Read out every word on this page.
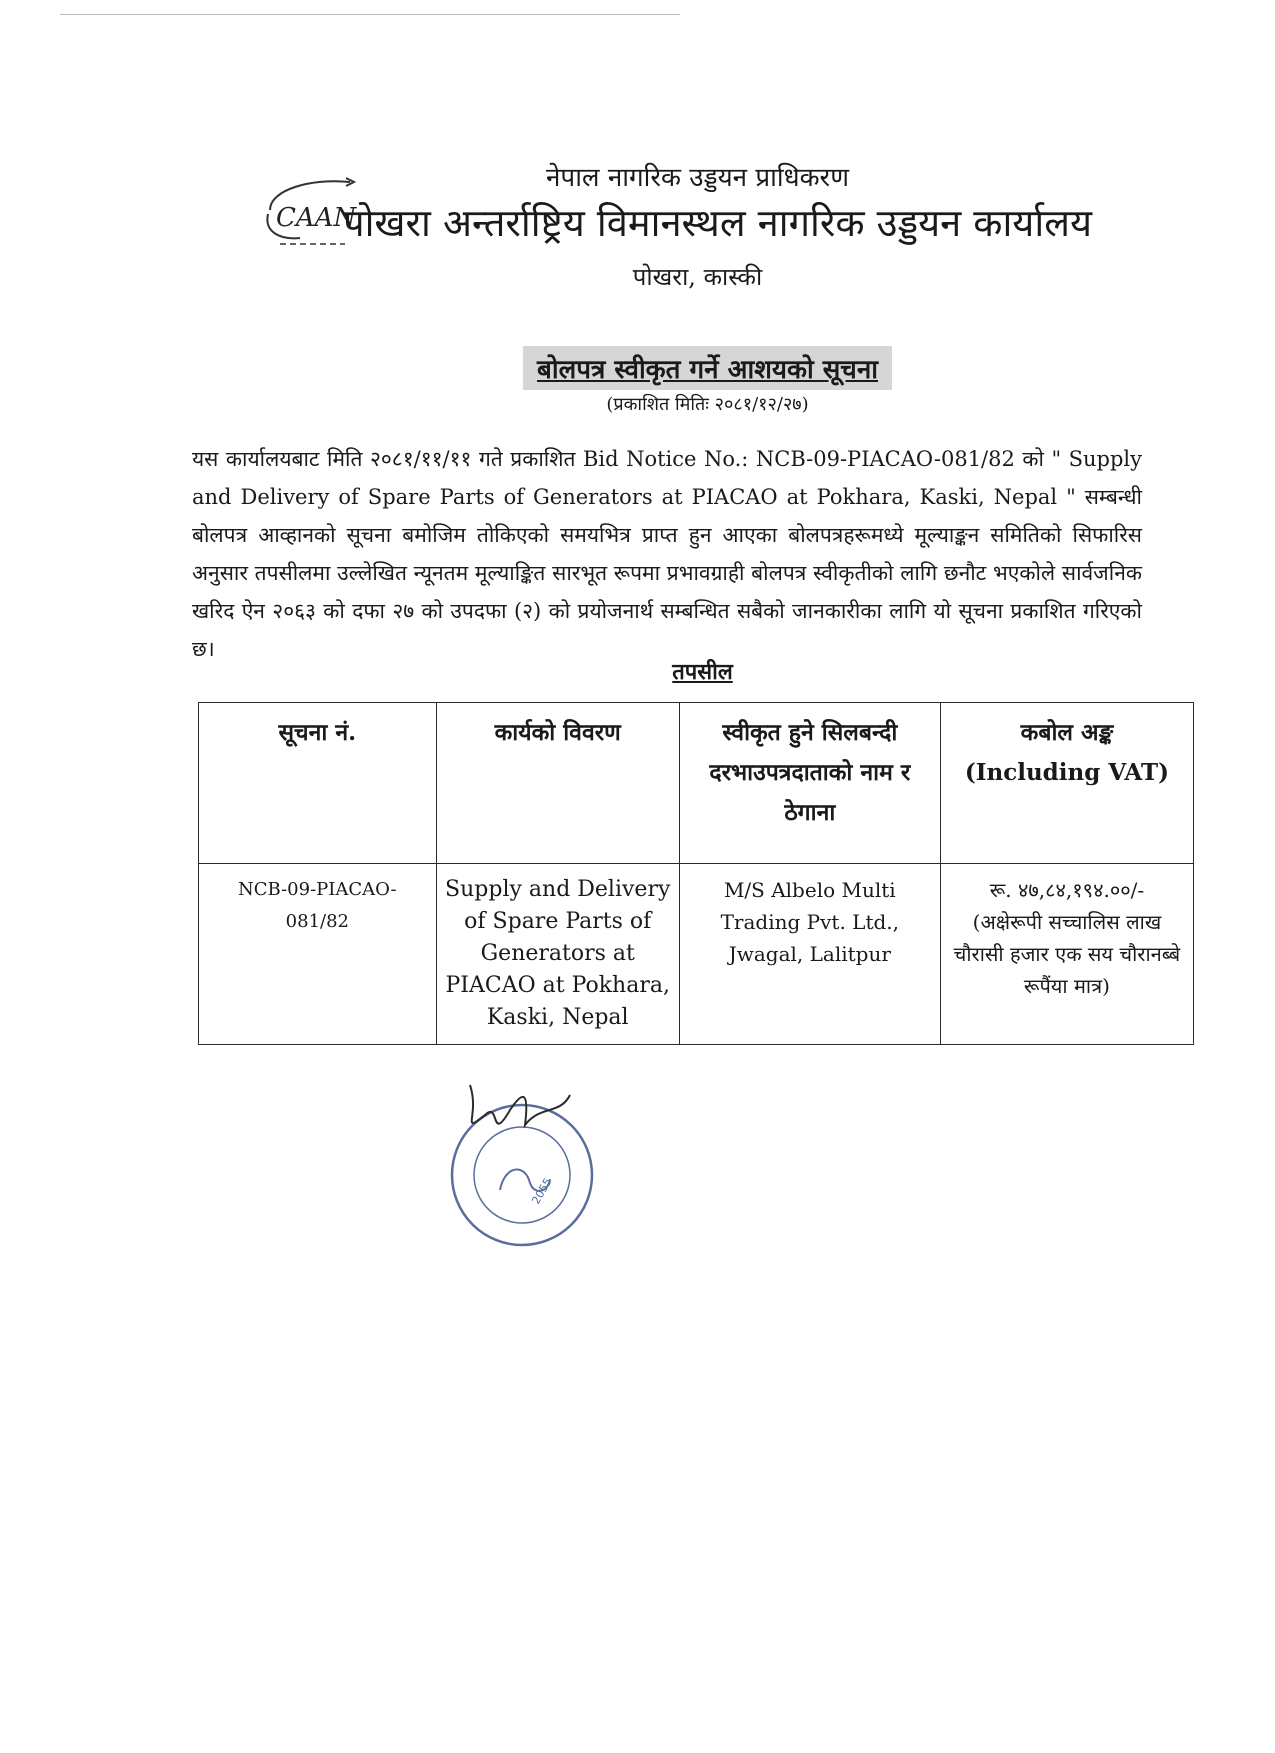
CAAN
नेपाल नागरिक उड्डयन प्राधिकरण
पोखरा अन्तर्राष्ट्रिय विमानस्थल नागरिक उड्डयन कार्यालय
पोखरा, कास्की
बोलपत्र स्वीकृत गर्ने आशयको सूचना
(प्रकाशित मितिः २०८१/१२/२७)
यस कार्यालयबाट मिति २०८१/११/११ गते प्रकाशित Bid Notice No.: NCB-09-PIACAO-081/82 को " Supply and Delivery of Spare Parts of Generators at PIACAO at Pokhara, Kaski, Nepal " सम्बन्धी बोलपत्र आव्हानको सूचना बमोजिम तोकिएको समयभित्र प्राप्त हुन आएका बोलपत्रहरूमध्ये मूल्याङ्कन समितिको सिफारिस अनुसार तपसीलमा उल्लेखित न्यूनतम मूल्याङ्कित सारभूत रूपमा प्रभावग्राही बोलपत्र स्वीकृतीको लागि छनौट भएकोले सार्वजनिक खरिद ऐन २०६३ को दफा २७ को उपदफा (२) को प्रयोजनार्थ सम्बन्धित सबैको जानकारीका लागि यो सूचना प्रकाशित गरिएको छ।
तपसील
सूचना नं.	कार्यको विवरण	स्वीकृत हुने सिलबन्दी दरभाउपत्रदाताको नाम र ठेगाना	कबोल अङ्क
(Including VAT)

NCB-09-PIACAO-081/82	Supply and Delivery of Spare Parts of Generators at PIACAO at Pokhara, Kaski, Nepal	M/S Albelo Multi Trading Pvt. Ltd., Jwagal, Lalitpur	रू. ४७,८४,१९४.००/-
(अक्षेरूपी सच्चालिस लाख चौरासी हजार एक सय चौरानब्बे रूपैंया मात्र)
2055
